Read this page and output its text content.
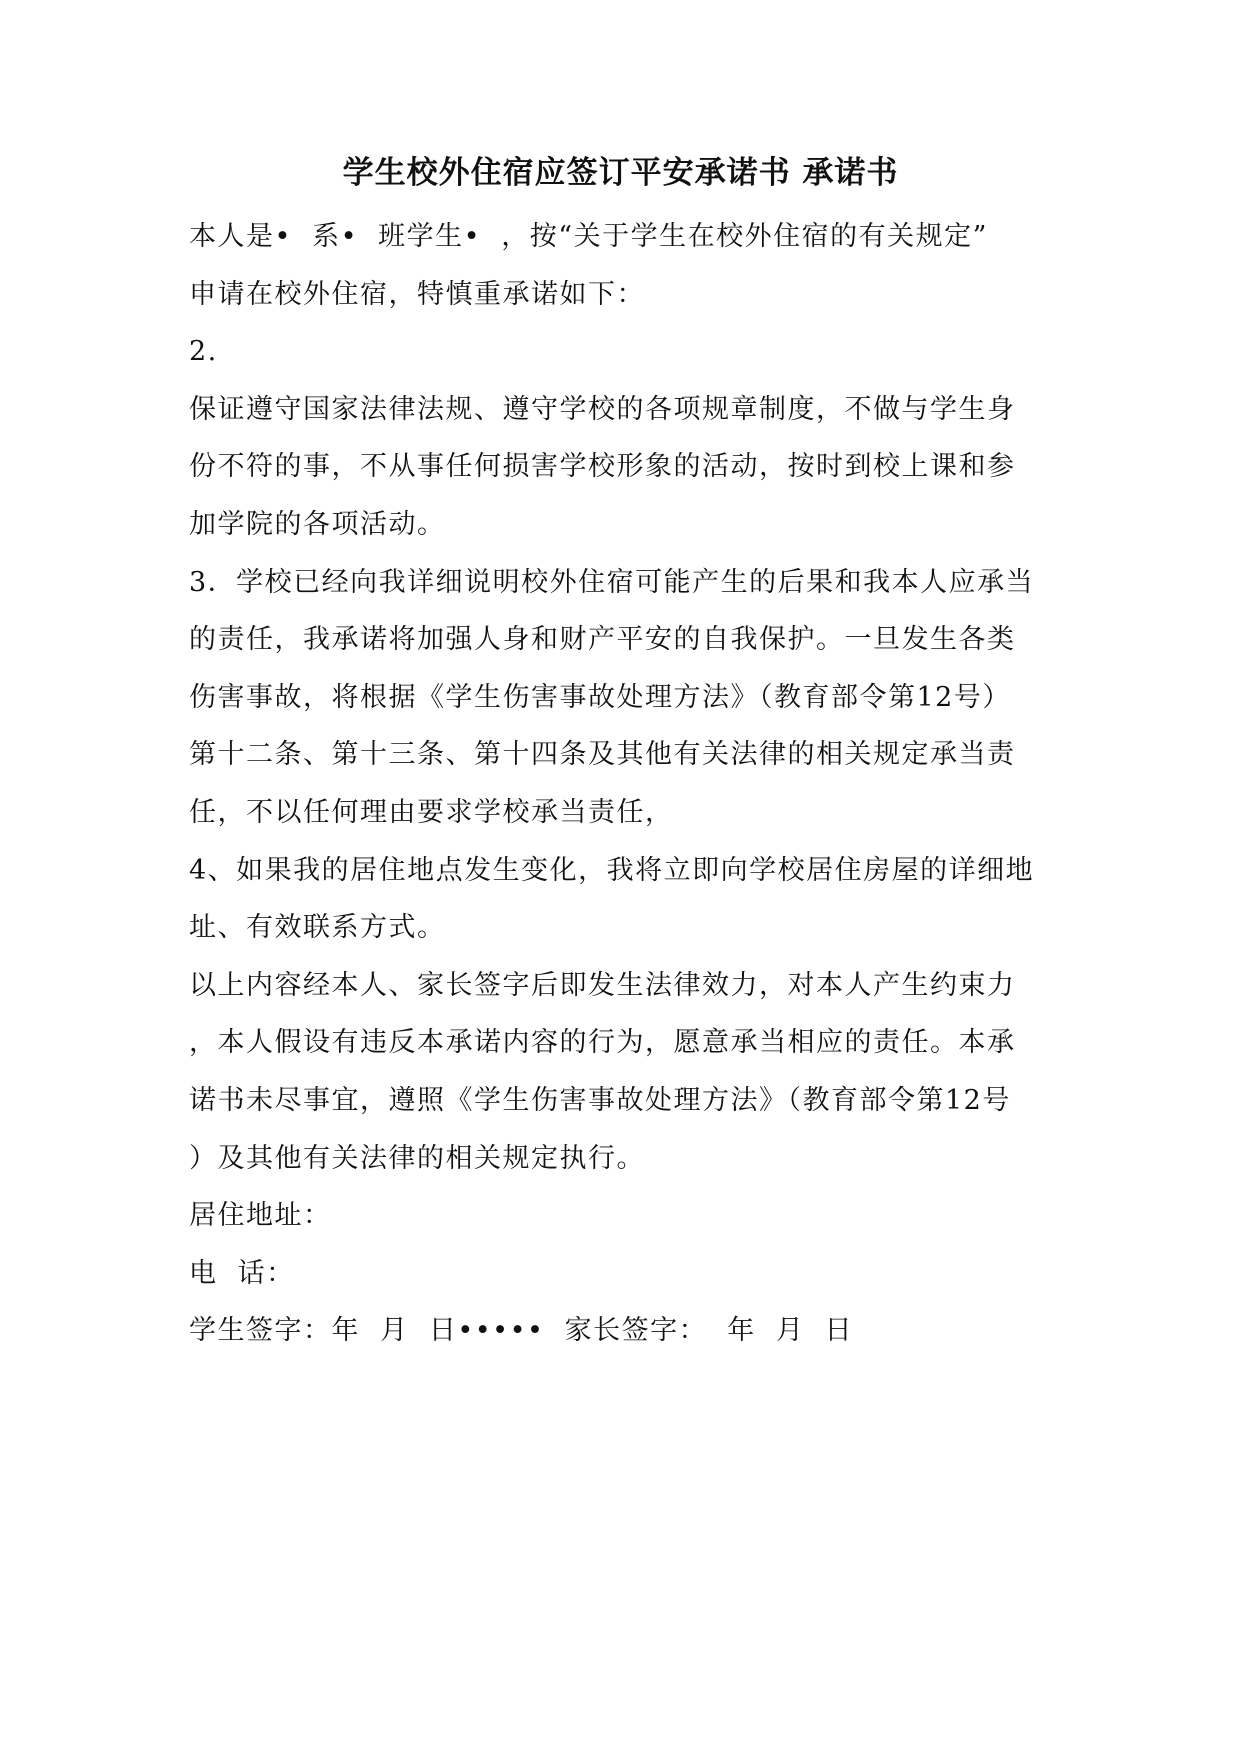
学生校外住宿应签订平安承诺书 承诺书

本人是•  系•  班学生•  ，按“关于学生在校外住宿的有关规定”

申请在校外住宿，特慎重承诺如下：

2.

保证遵守国家法律法规、遵守学校的各项规章制度，不做与学生身

份不符的事，不从事任何损害学校形象的活动，按时到校上课和参

加学院的各项活动。

3．学校已经向我详细说明校外住宿可能产生的后果和我本人应承当

的责任，我承诺将加强人身和财产平安的自我保护。一旦发生各类

伤害事故，将根据《学生伤害事故处理方法》（教育部令第12号）

第十二条、第十三条、第十四条及其他有关法律的相关规定承当责

任，不以任何理由要求学校承当责任，

4、如果我的居住地点发生变化，我将立即向学校居住房屋的详细地

址、有效联系方式。

以上内容经本人、家长签字后即发生法律效力，对本人产生约束力

，本人假设有违反本承诺内容的行为，愿意承当相应的责任。本承

诺书未尽事宜，遵照《学生伤害事故处理方法》（教育部令第12号

）及其他有关法律的相关规定执行。

居住地址：

电  话：

学生签字：年  月  日•••••  家长签字：  年  月  日
